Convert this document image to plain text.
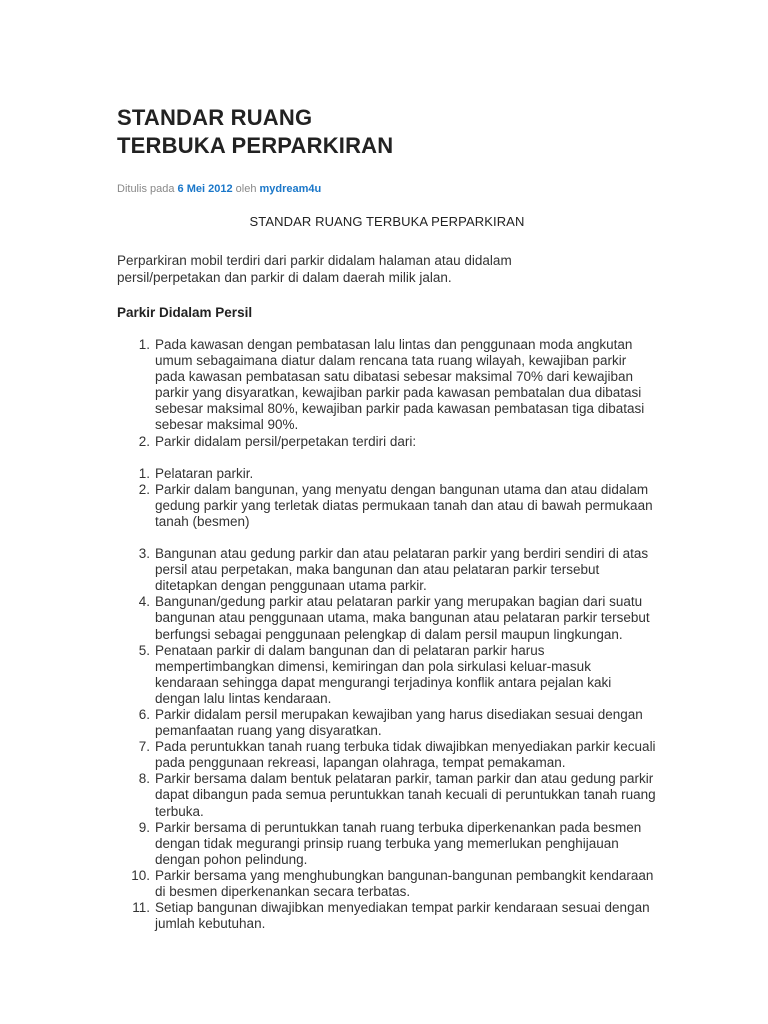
STANDAR RUANG
TERBUKA PERPARKIRAN
Ditulis pada 6 Mei 2012 oleh mydream4u
STANDAR RUANG TERBUKA PERPARKIRAN

Perparkiran mobil terdiri dari parkir didalam halaman atau didalam persil/perpetakan dan parkir di dalam daerah milik jalan.

Parkir Didalam Persil
1. Pada kawasan dengan pembatasan lalu lintas dan penggunaan moda angkutan umum sebagaimana diatur dalam rencana tata ruang wilayah, kewajiban parkir pada kawasan pembatasan satu dibatasi sebesar maksimal 70% dari kewajiban parkir yang disyaratkan, kewajiban parkir pada kawasan pembatalan dua dibatasi sebesar maksimal 80%, kewajiban parkir pada kawasan pembatasan tiga dibatasi sebesar maksimal 90%.
2. Parkir didalam persil/perpetakan terdiri dari:
1. Pelataran parkir.
2. Parkir dalam bangunan, yang menyatu dengan bangunan utama dan atau didalam gedung parkir yang terletak diatas permukaan tanah dan atau di bawah permukaan tanah (besmen)
3. Bangunan atau gedung parkir dan atau pelataran parkir yang berdiri sendiri di atas persil atau perpetakan, maka bangunan dan atau pelataran parkir tersebut ditetapkan dengan penggunaan utama parkir.
4. Bangunan/gedung parkir atau pelataran parkir yang merupakan bagian dari suatu bangunan atau penggunaan utama, maka bangunan atau pelataran parkir tersebut berfungsi sebagai penggunaan pelengkap di dalam persil maupun lingkungan.
5. Penataan parkir di dalam bangunan dan di pelataran parkir harus mempertimbangkan dimensi, kemiringan dan pola sirkulasi keluar-masuk kendaraan sehingga dapat mengurangi terjadinya konflik antara pejalan kaki dengan lalu lintas kendaraan.
6. Parkir didalam persil merupakan kewajiban yang harus disediakan sesuai dengan pemanfaatan ruang yang disyaratkan.
7. Pada peruntukkan tanah ruang terbuka tidak diwajibkan menyediakan parkir kecuali pada penggunaan rekreasi, lapangan olahraga, tempat pemakaman.
8. Parkir bersama dalam bentuk pelataran parkir, taman parkir dan atau gedung parkir dapat dibangun pada semua peruntukkan tanah kecuali di peruntukkan tanah ruang terbuka.
9. Parkir bersama di peruntukkan tanah ruang terbuka diperkenankan pada besmen dengan tidak megurangi prinsip ruang terbuka yang memerlukan penghijauan dengan pohon pelindung.
10. Parkir bersama yang menghubungkan bangunan-bangunan pembangkit kendaraan di besmen diperkenankan secara terbatas.
11. Setiap bangunan diwajibkan menyediakan tempat parkir kendaraan sesuai dengan jumlah kebutuhan.
